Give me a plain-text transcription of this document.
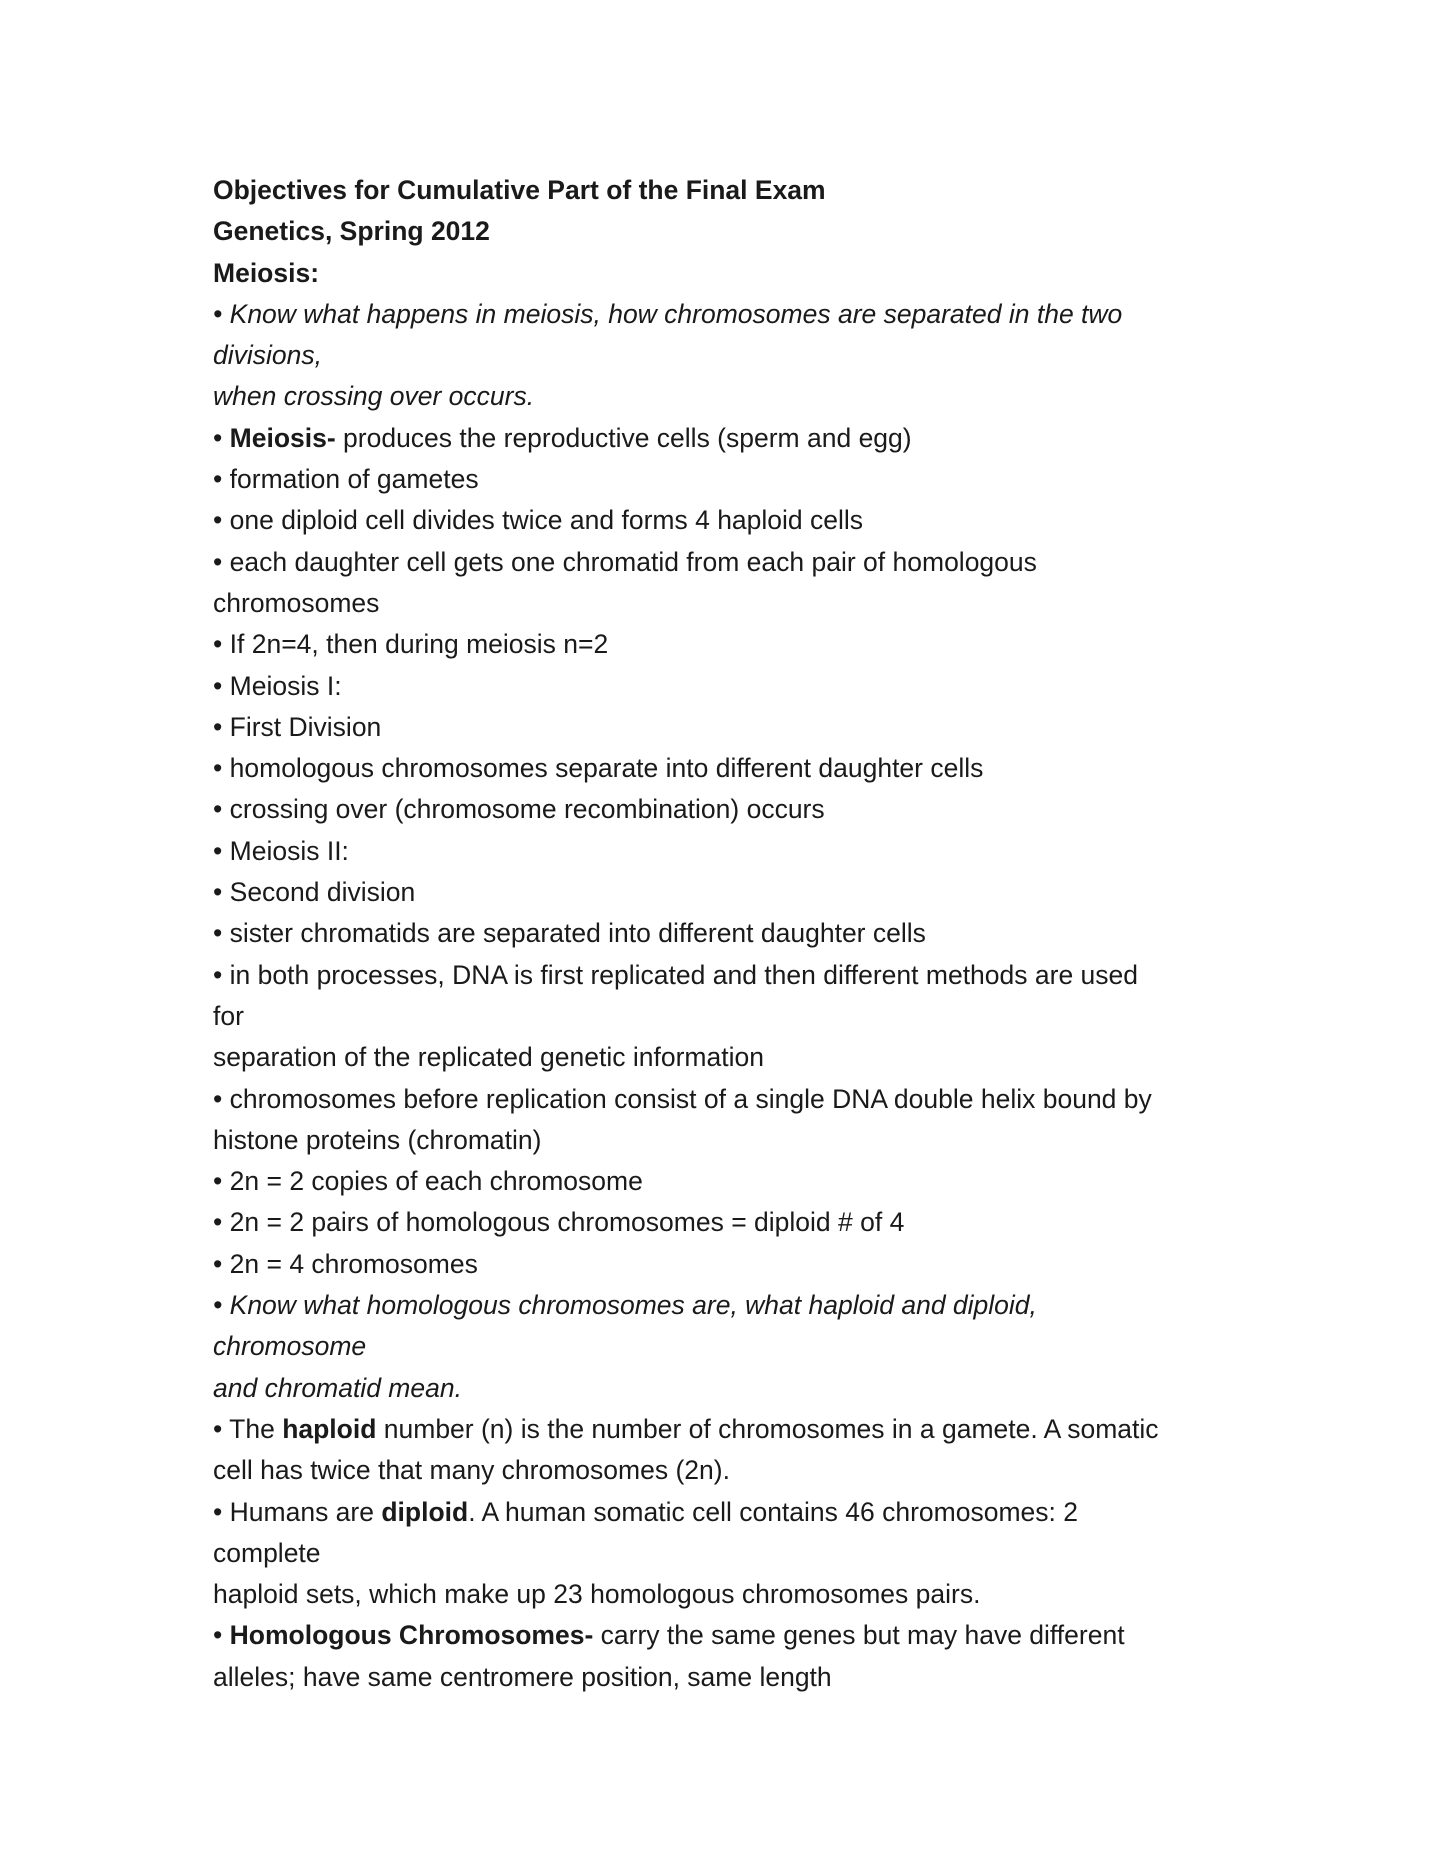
Objectives for Cumulative Part of the Final Exam
Genetics, Spring 2012
Meiosis:
• Know what happens in meiosis, how chromosomes are separated in the two
divisions,
when crossing over occurs.
• Meiosis- produces the reproductive cells (sperm and egg)
• formation of gametes
• one diploid cell divides twice and forms 4 haploid cells
• each daughter cell gets one chromatid from each pair of homologous
chromosomes
• If 2n=4, then during meiosis n=2
• Meiosis I:
• First Division
• homologous chromosomes separate into different daughter cells
• crossing over (chromosome recombination) occurs
• Meiosis II:
• Second division
• sister chromatids are separated into different daughter cells
• in both processes, DNA is first replicated and then different methods are used
for
separation of the replicated genetic information
• chromosomes before replication consist of a single DNA double helix bound by
histone proteins (chromatin)
• 2n = 2 copies of each chromosome
• 2n = 2 pairs of homologous chromosomes = diploid # of 4
• 2n = 4 chromosomes
• Know what homologous chromosomes are, what haploid and diploid,
chromosome
and chromatid mean.
• The haploid number (n) is the number of chromosomes in a gamete. A somatic
cell has twice that many chromosomes (2n).
• Humans are diploid. A human somatic cell contains 46 chromosomes: 2
complete
haploid sets, which make up 23 homologous chromosomes pairs.
• Homologous Chromosomes- carry the same genes but may have different
alleles; have same centromere position, same length
